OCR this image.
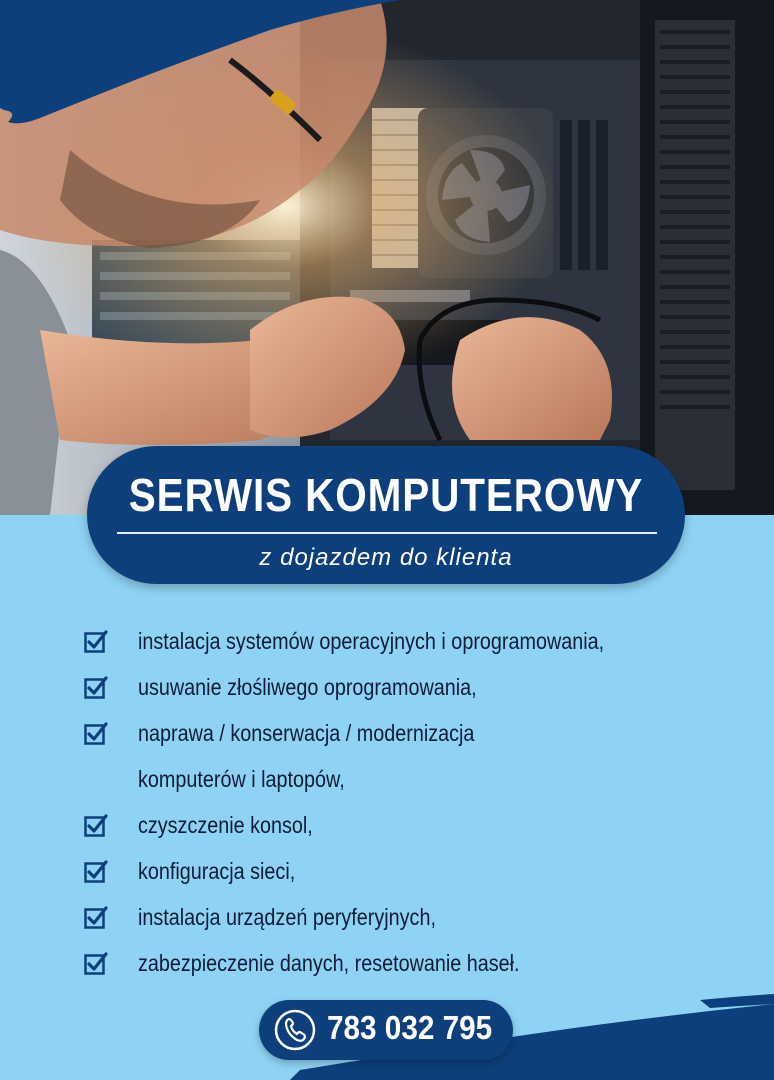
SERWIS KOMPUTEROWY
z dojazdem do klienta
instalacja systemów operacyjnych i oprogramowania,
usuwanie złośliwego oprogramowania,
naprawa / konserwacja / modernizacja
komputerów i laptopów,
czyszczenie konsol,
konfiguracja sieci,
instalacja urządzeń peryferyjnych,
zabezpieczenie danych, resetowanie haseł.
783 032 795
